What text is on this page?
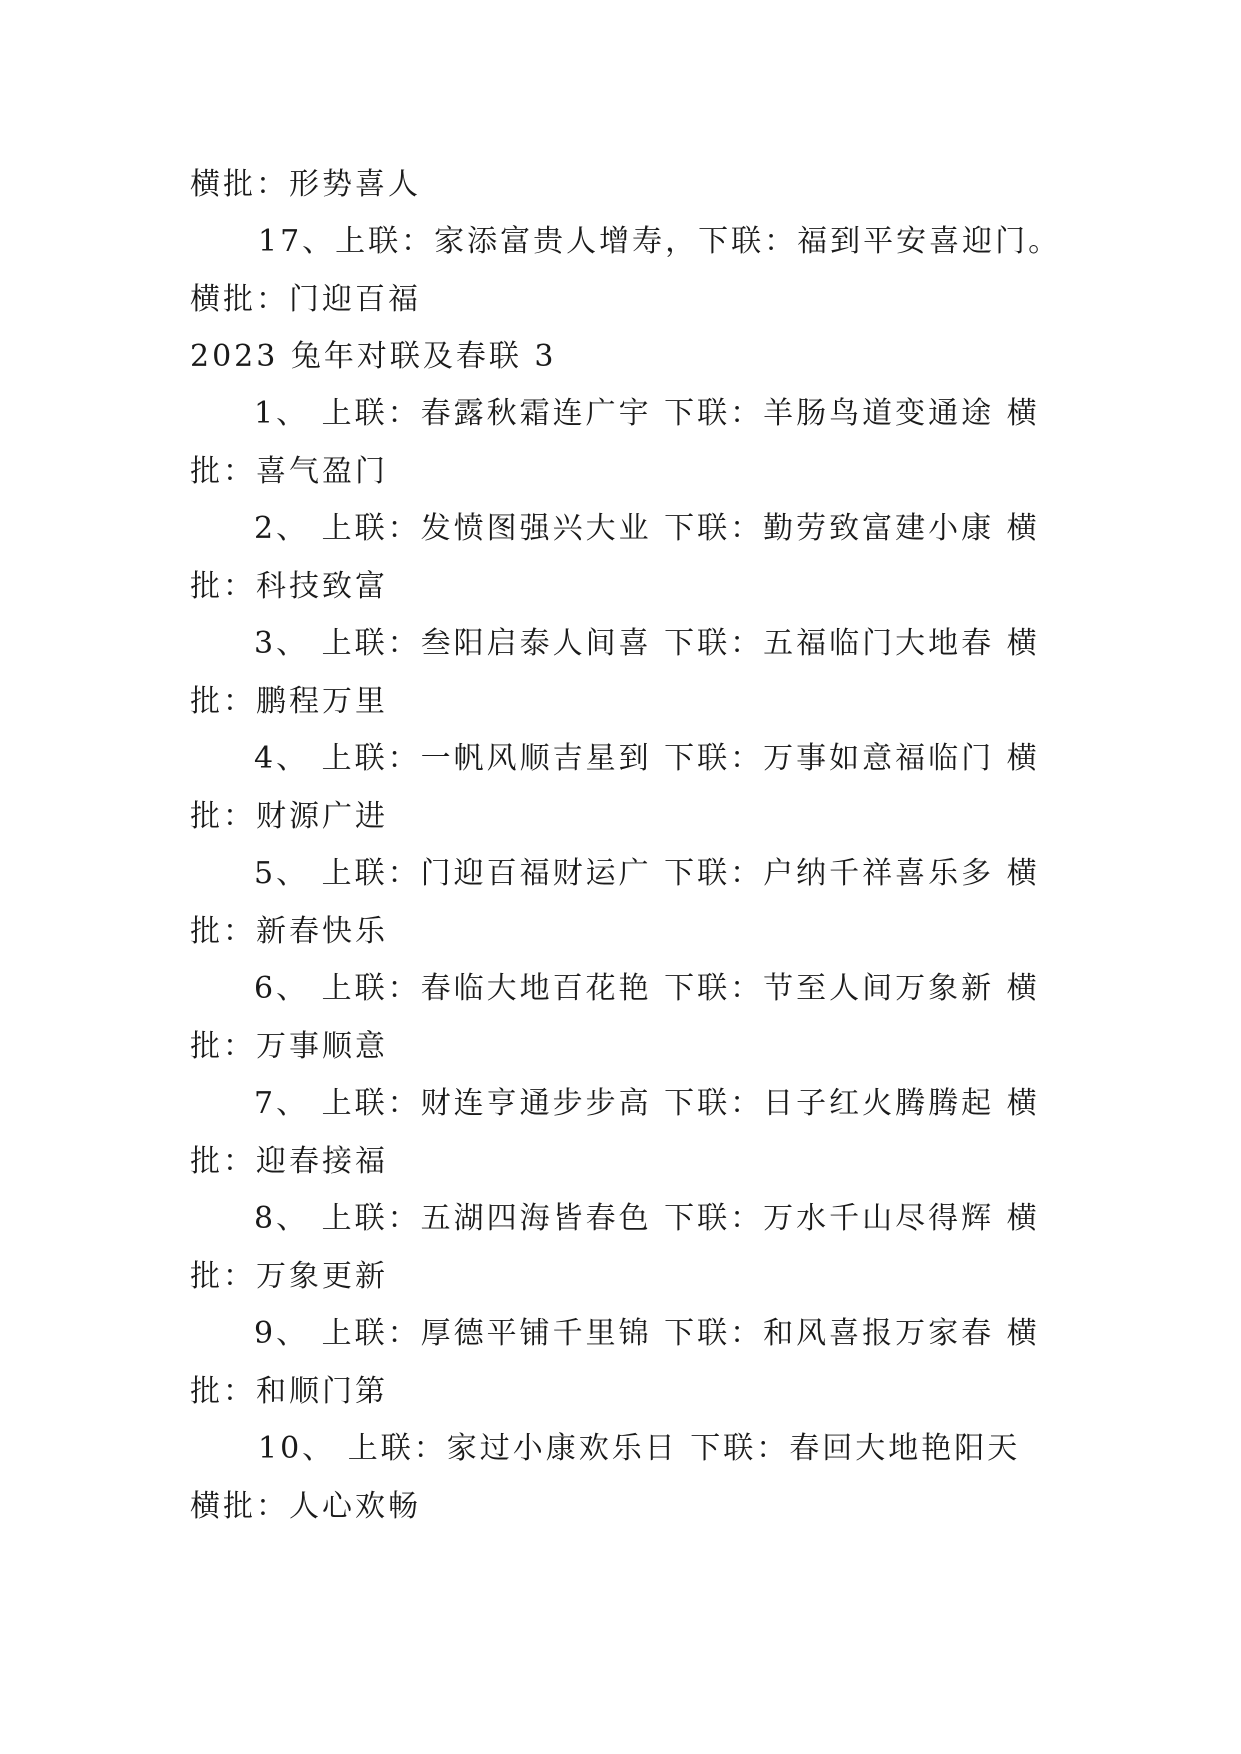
横批：形势喜人
17、上联：家添富贵人增寿，下联：福到平安喜迎门。
横批：门迎百福
2023 兔年对联及春联 3
1、 上联：春露秋霜连广宇 下联：羊肠鸟道变通途 横
批：喜气盈门
2、 上联：发愤图强兴大业 下联：勤劳致富建小康 横
批：科技致富
3、 上联：叁阳启泰人间喜 下联：五福临门大地春 横
批：鹏程万里
4、 上联：一帆风顺吉星到 下联：万事如意福临门 横
批：财源广进
5、 上联：门迎百福财运广 下联：户纳千祥喜乐多 横
批：新春快乐
6、 上联：春临大地百花艳 下联：节至人间万象新 横
批：万事顺意
7、 上联：财连亨通步步高 下联：日子红火腾腾起 横
批：迎春接福
8、 上联：五湖四海皆春色 下联：万水千山尽得辉 横
批：万象更新
9、 上联：厚德平铺千里锦 下联：和风喜报万家春 横
批：和顺门第
10、 上联：家过小康欢乐日 下联：春回大地艳阳天
横批：人心欢畅
